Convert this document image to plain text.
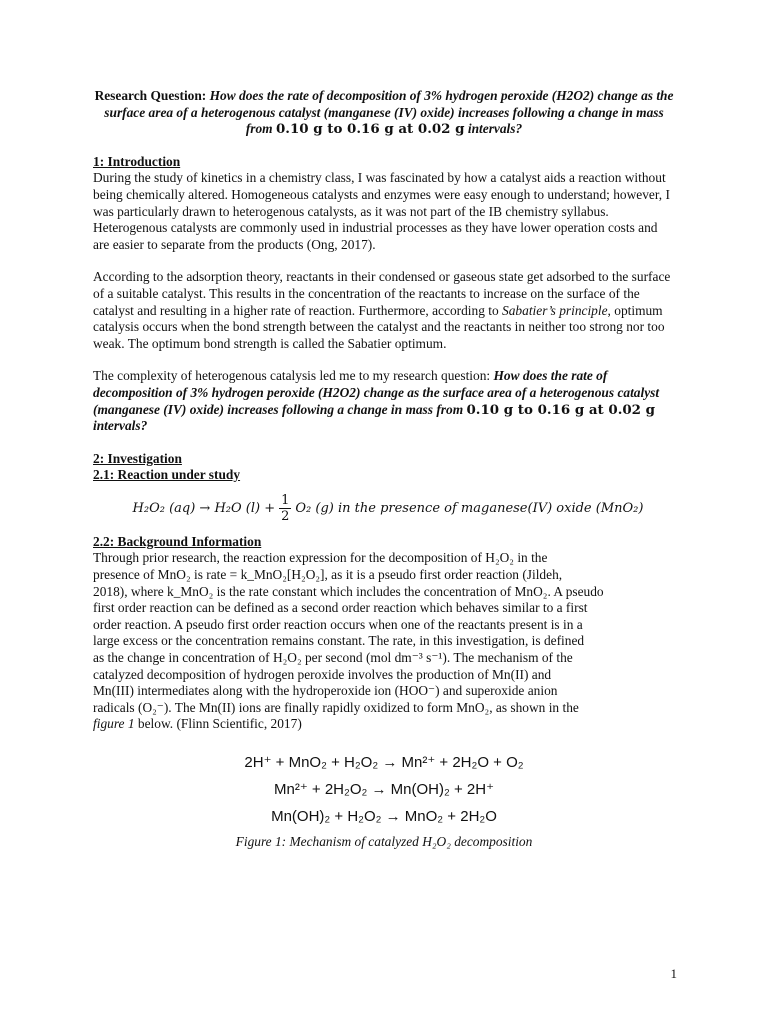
Research Question: How does the rate of decomposition of 3% hydrogen peroxide (H2O2) change as the surface area of a heterogenous catalyst (manganese (IV) oxide) increases following a change in mass from 0.10 g to 0.16 g at 0.02 g intervals?

1: Introduction

During the study of kinetics in a chemistry class, I was fascinated by how a catalyst aids a reaction without being chemically altered. Homogeneous catalysts and enzymes were easy enough to understand; however, I was particularly drawn to heterogenous catalysts, as it was not part of the IB chemistry syllabus. Heterogenous catalysts are commonly used in industrial processes as they have lower operation costs and are easier to separate from the products (Ong, 2017).

According to the adsorption theory, reactants in their condensed or gaseous state get adsorbed to the surface of a suitable catalyst. This results in the concentration of the reactants to increase on the surface of the catalyst and resulting in a higher rate of reaction. Furthermore, according to Sabatier’s principle, optimum catalysis occurs when the bond strength between the catalyst and the reactants in neither too strong nor too weak. The optimum bond strength is called the Sabatier optimum.

The complexity of heterogenous catalysis led me to my research question: How does the rate of decomposition of 3% hydrogen peroxide (H2O2) change as the surface area of a heterogenous catalyst (manganese (IV) oxide) increases following a change in mass from 0.10 g to 0.16 g at 0.02 g intervals?

2: Investigation

2.1: Reaction under study

H₂O₂ (aq) → H₂O $(l) + \frac{1}{2} O_2$ (g) in the presence of maganese(IV) oxide (MnO₂)

2.2: Background Information

Through prior research, the reaction expression for the decomposition of H₂O₂ in the
presence of MnO₂ is rate = k_MnO₂[H₂O₂], as it is a pseudo first order reaction (Jildeh,
2018), where k_MnO₂ is the rate constant which includes the concentration of MnO₂. A pseudo
first order reaction can be defined as a second order reaction which behaves similar to a first
order reaction. A pseudo first order reaction occurs when one of the reactants present is in a
large excess or the concentration remains constant. The rate, in this investigation, is defined
as the change in concentration of H₂O₂ per second (mol dm⁻³ s⁻¹). The mechanism of the
catalyzed decomposition of hydrogen peroxide involves the production of Mn(II) and
Mn(III) intermediates along with the hydroperoxide ion (HOO⁻) and superoxide anion
radicals (O₂⁻). The Mn(II) ions are finally rapidly oxidized to form MnO₂, as shown in the
figure 1 below. (Flinn Scientific, 2017)
2H⁺ + MnO₂ + H₂O₂ → Mn²⁺ + 2H₂O + O₂
Mn²⁺ + 2H₂O₂ → Mn(OH)₂ + 2H⁺
Mn(OH)₂ + H₂O₂ → MnO₂ + 2H₂O

Figure 1: Mechanism of catalyzed H₂O₂ decomposition

1
